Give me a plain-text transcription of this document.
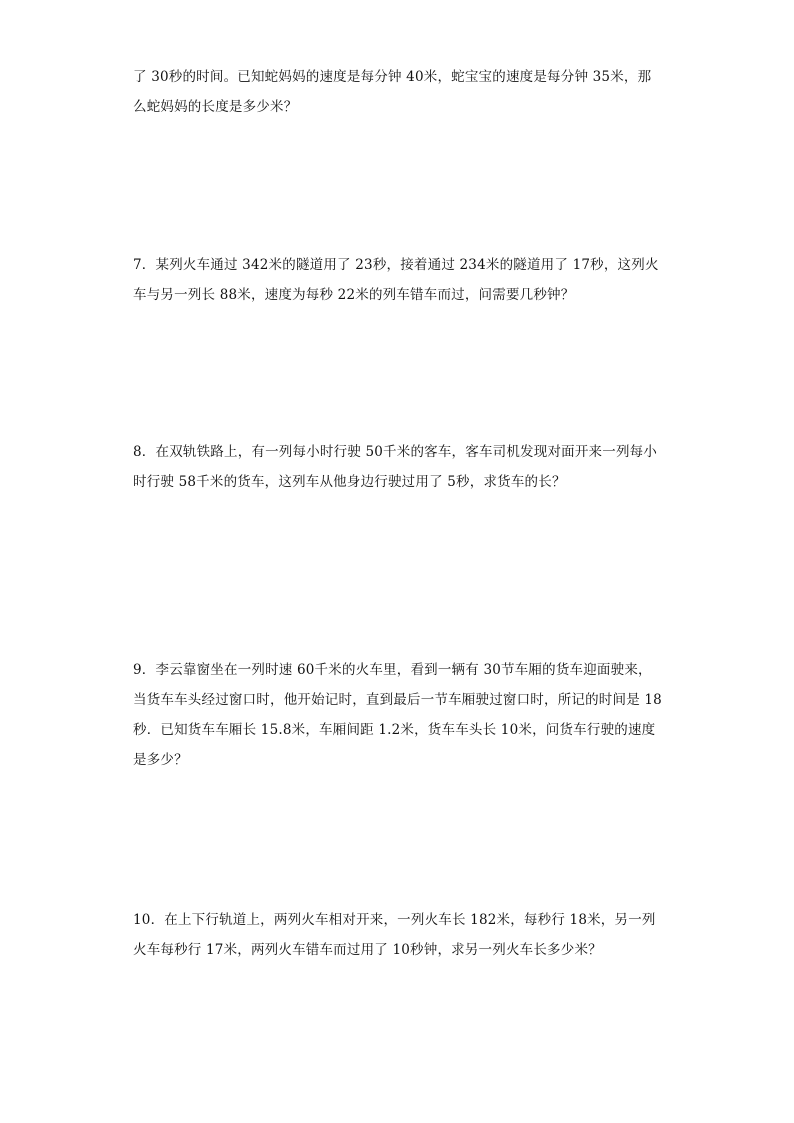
了 30秒的时间。已知蛇妈妈的速度是每分钟 40米，蛇宝宝的速度是每分钟 35米，那
么蛇妈妈的长度是多少米？

7．某列火车通过 342米的隧道用了 23秒，接着通过 234米的隧道用了 17秒，这列火
车与另一列长 88米，速度为每秒 22米的列车错车而过，问需要几秒钟？

8．在双轨铁路上，有一列每小时行驶 50千米的客车，客车司机发现对面开来一列每小
时行驶 58千米的货车，这列车从他身边行驶过用了 5秒，求货车的长？

9．李云靠窗坐在一列时速 60千米的火车里，看到一辆有 30节车厢的货车迎面驶来，
当货车车头经过窗口时，他开始记时，直到最后一节车厢驶过窗口时，所记的时间是 18
秒．已知货车车厢长 15.8米，车厢间距 1.2米，货车车头长 10米，问货车行驶的速度
是多少？

10．在上下行轨道上，两列火车相对开来，一列火车长 182米，每秒行 18米，另一列
火车每秒行 17米，两列火车错车而过用了 10秒钟，求另一列火车长多少米？
